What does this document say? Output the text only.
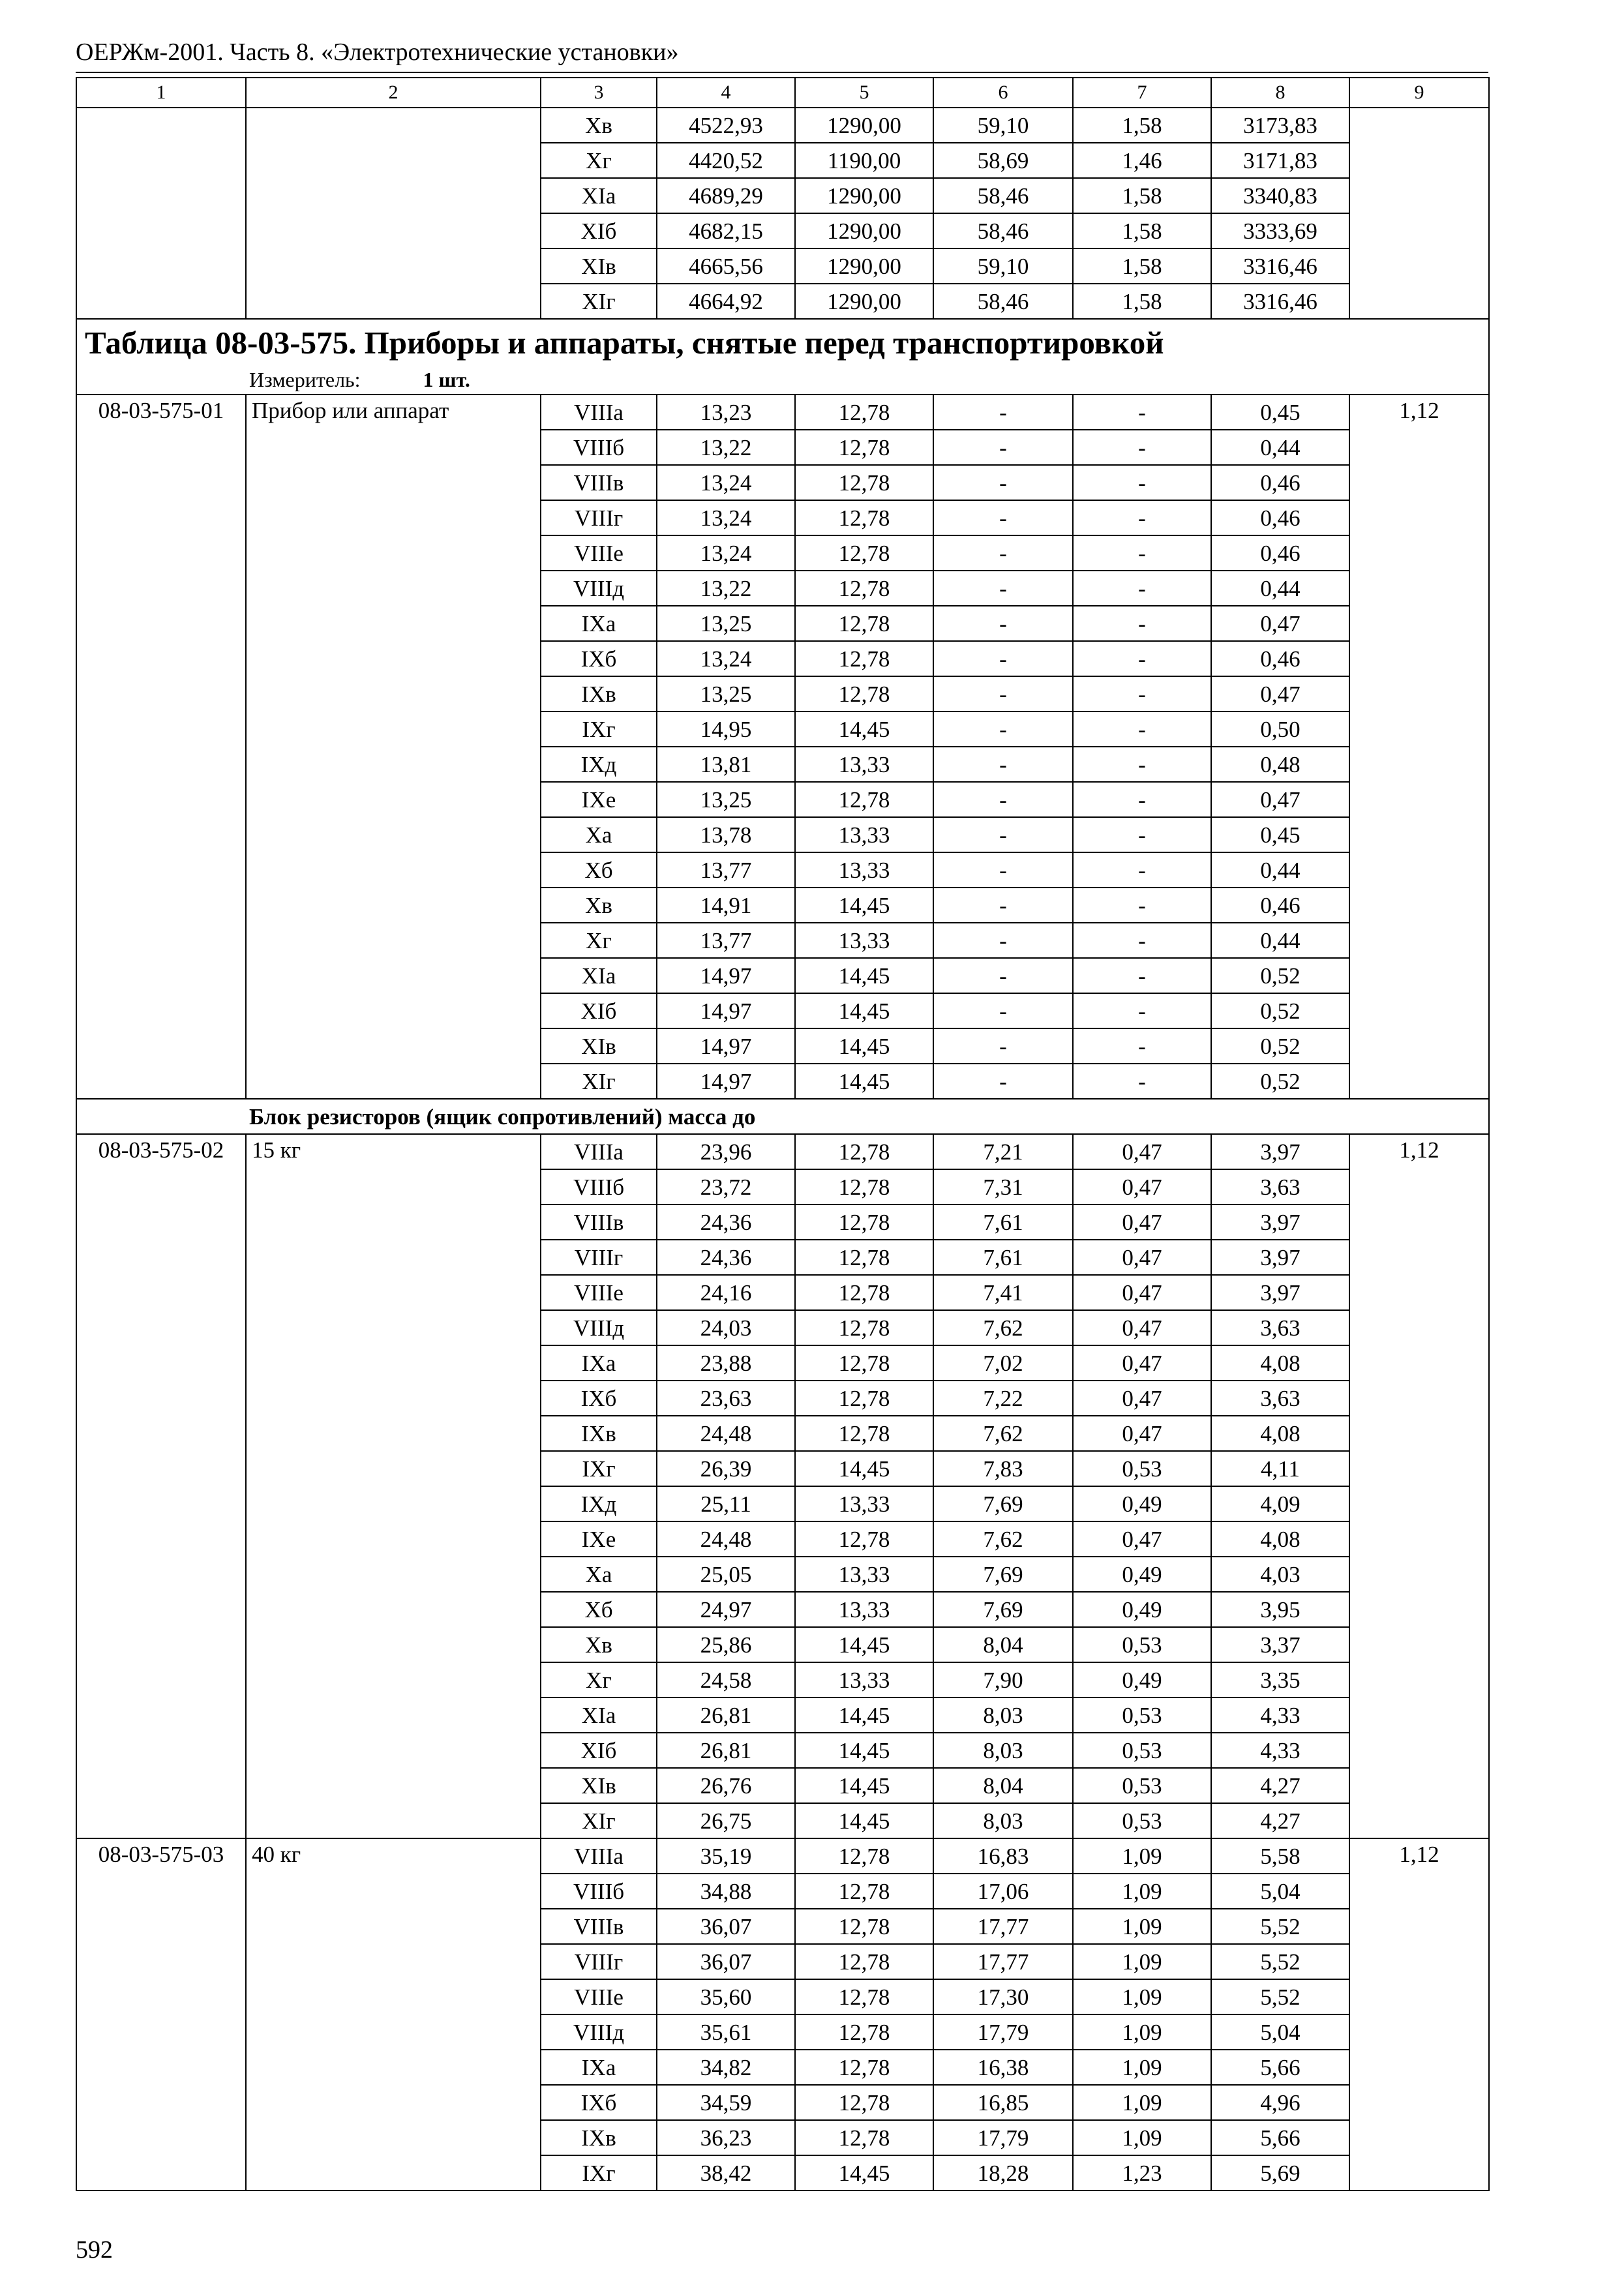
ОЕРЖм-2001. Часть 8. «Электротехнические установки»
1	2	3	4	5	6	7	8	9
		Хв	4522,93	1290,00	59,10	1,58	3173,83	
		Хг	4420,52	1190,00	58,69	1,46	3171,83	
		ХIа	4689,29	1290,00	58,46	1,58	3340,83	
		ХIб	4682,15	1290,00	58,46	1,58	3333,69	
		ХIв	4665,56	1290,00	59,10	1,58	3316,46	
		ХIг	4664,92	1290,00	58,46	1,58	3316,46	
Таблица 08-03-575. Приборы и аппараты, снятые перед транспортировкой								
Измеритель: 1 шт.								
08-03-575-01	Прибор или аппарат	VIIIа	13,23	12,78	-	-	0,45	1,12
		VIIIб	13,22	12,78	-	-	0,44	
		VIIIв	13,24	12,78	-	-	0,46	
		VIIIг	13,24	12,78	-	-	0,46	
		VIIIе	13,24	12,78	-	-	0,46	
		VIIIд	13,22	12,78	-	-	0,44	
		IXа	13,25	12,78	-	-	0,47	
		IXб	13,24	12,78	-	-	0,46	
		IXв	13,25	12,78	-	-	0,47	
		IXг	14,95	14,45	-	-	0,50	
		IXд	13,81	13,33	-	-	0,48	
		IXе	13,25	12,78	-	-	0,47	
		Ха	13,78	13,33	-	-	0,45	
		Хб	13,77	13,33	-	-	0,44	
		Хв	14,91	14,45	-	-	0,46	
		Хг	13,77	13,33	-	-	0,44	
		ХIа	14,97	14,45	-	-	0,52	
		ХIб	14,97	14,45	-	-	0,52	
		ХIв	14,97	14,45	-	-	0,52	
		ХIг	14,97	14,45	-	-	0,52	
Блок резисторов (ящик сопротивлений) масса до								
08-03-575-02	15 кг	VIIIа	23,96	12,78	7,21	0,47	3,97	1,12
		VIIIб	23,72	12,78	7,31	0,47	3,63	
		VIIIв	24,36	12,78	7,61	0,47	3,97	
		VIIIг	24,36	12,78	7,61	0,47	3,97	
		VIIIе	24,16	12,78	7,41	0,47	3,97	
		VIIIд	24,03	12,78	7,62	0,47	3,63	
		IXа	23,88	12,78	7,02	0,47	4,08	
		IXб	23,63	12,78	7,22	0,47	3,63	
		IXв	24,48	12,78	7,62	0,47	4,08	
		IXг	26,39	14,45	7,83	0,53	4,11	
		IXд	25,11	13,33	7,69	0,49	4,09	
		IXе	24,48	12,78	7,62	0,47	4,08	
		Ха	25,05	13,33	7,69	0,49	4,03	
		Хб	24,97	13,33	7,69	0,49	3,95	
		Хв	25,86	14,45	8,04	0,53	3,37	
		Хг	24,58	13,33	7,90	0,49	3,35	
		ХIа	26,81	14,45	8,03	0,53	4,33	
		ХIб	26,81	14,45	8,03	0,53	4,33	
		ХIв	26,76	14,45	8,04	0,53	4,27	
		ХIг	26,75	14,45	8,03	0,53	4,27	
08-03-575-03	40 кг	VIIIа	35,19	12,78	16,83	1,09	5,58	1,12
		VIIIб	34,88	12,78	17,06	1,09	5,04	
		VIIIв	36,07	12,78	17,77	1,09	5,52	
		VIIIг	36,07	12,78	17,77	1,09	5,52	
		VIIIе	35,60	12,78	17,30	1,09	5,52	
		VIIIд	35,61	12,78	17,79	1,09	5,04	
		IXа	34,82	12,78	16,38	1,09	5,66	
		IXб	34,59	12,78	16,85	1,09	4,96	
		IXв	36,23	12,78	17,79	1,09	5,66	
		IXг	38,42	14,45	18,28	1,23	5,69	
592
